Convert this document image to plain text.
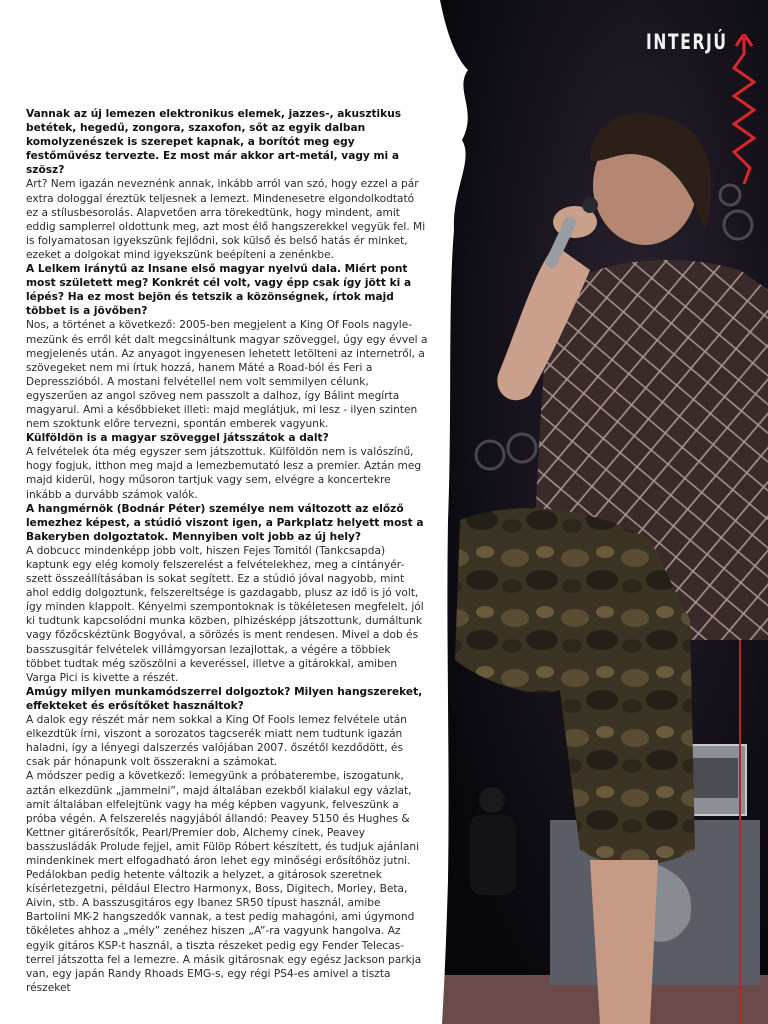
INTERJÚ

Vannak az új lemezen elektronikus elemek, jazzes-, akusztikus betétek, hegedű, zongora, szaxofon, sőt az egyik dalban komolyzenészek is szerepet kapnak, a borítót meg egy festőművész tervezte. Ez most már akkor art-metál, vagy mi a szösz?

Art? Nem igazán neveznénk annak, inkább arról van szó, hogy ezzel a pár extra dologgal éreztük teljesnek a lemezt. Mindenesetre elgondolkodtató ez a stílusbesorolás. Alapvetően arra törekedtünk, hogy mindent, amit eddig samplerrel oldottunk meg, azt most élő hangszerekkel vegyük fel. Mi is folyamatosan igyekszünk fejlődni, sok külső és belső hatás ér minket, ezeket a dolgokat mind igyekszünk beépíteni a zenénkbe.

A Lelkem iránytű az Insane első magyar nyelvű dala. Miért pont most született meg? Konkrét cél volt, vagy épp csak így jött ki a lépés? Ha ez most bejön és tetszik a közönségnek, írtok majd többet is a jövőben?

Nos, a történet a következő: 2005-ben megjelent a King Of Fools nagylemezünk és erről két dalt megcsináltunk magyar szöveggel, úgy egy évvel a megjelenés után. Az anyagot ingyenesen lehetett letölteni az internetről, a szövegeket nem mi írtuk hozzá, hanem Máté a Road-ból és Feri a Depresszióból. A mostani felvétellel nem volt semmilyen célunk, egyszerűen az angol szöveg nem passzolt a dalhoz, így Bálint megírta magyarul. Ami a későbbieket illeti: majd meglátjuk, mi lesz - ilyen szinten nem szoktunk előre tervezni, spontán emberek vagyunk.

Külföldön is a magyar szöveggel játsszátok a dalt?

A felvételek óta még egyszer sem játszottuk. Külföldön nem is valószínű, hogy fogjuk, itthon meg majd a lemezbemutató lesz a premier. Aztán meg majd kiderül, hogy műsoron tartjuk vagy sem, elvégre a koncertekre inkább a durvább számok valók.

A hangmérnök (Bodnár Péter) személye nem változott az előző lemezhez képest, a stúdió viszont igen, a Parkplatz helyett most a Bakeryben dolgoztatok. Mennyiben volt jobb az új hely?

A dobcucc mindenképp jobb volt, hiszen Fejes Tomitól (Tankcsapda) kaptunk egy elég komoly felszerelést a felvételekhez, meg a cintányér-szett összeállításában is sokat segített. Ez a stúdió jóval nagyobb, mint ahol eddig dolgoztunk, felszereltsége is gazdagabb, plusz az idő is jó volt, így minden klappolt. Kényelmi szempontoknak is tökéletesen megfelelt, jól ki tudtunk kapcsolódni munka közben, pihizésképp játszottunk, dumáltunk vagy főzőcskéztünk Bogyóval, a sörözés is ment rendesen. Mivel a dob és basszusgitár felvételek villámgyorsan lezajlottak, a végére a többiek többet tudtak még szöszölni a keveréssel, illetve a gitárokkal, amiben Varga Pici is kivette a részét.

Amúgy milyen munkamódszerrel dolgoztok? Milyen hangszereket, effekteket és erősítőket használtok?

A dalok egy részét már nem sokkal a King Of Fools lemez felvétele után elkezdtük írni, viszont a sorozatos tagcserék miatt nem tudtunk igazán haladni, így a lényegi dalszerzés valójában 2007. őszétől kezdődött, és csak pár hónapunk volt összerakni a számokat.

A módszer pedig a következő: lemegyünk a próbaterembe, iszogatunk, aztán elkezdünk „jammelni”, majd általában ezekből kialakul egy vázlat, amit általában elfelejtünk vagy ha még képben vagyunk, felveszünk a próba végén. A felszerelés nagyjából állandó: Peavey 5150 és Hughes & Kettner gitárerősítők, Pearl/Premier dob, Alchemy cinek, Peavey basszusládák Prolude fejjel, amit Fülöp Róbert készített, és tudjuk ajánlani mindenkinek mert elfogadható áron lehet egy minőségi erősítőhöz jutni. Pedálokban pedig hetente változik a helyzet, a gitárosok szeretnek kísérletezgetni, például Electro Harmonyx, Boss, Digitech, Morley, Beta, Aivin, stb. A basszusgitáros egy Ibanez SR50 típust használ, amibe Bartolini MK-2 hangszedők vannak, a test pedig mahagóni, ami úgymond tökéletes ahhoz a „mély” zenéhez hiszen „A”-ra vagyunk hangolva. Az egyik gitáros KSP-t használ, a tiszta részeket pedig egy Fender Telecasterrel játszotta fel a lemezre. A másik gitárosnak egy egész Jackson parkja van, egy japán Randy Rhoads EMG-s, egy régi PS4-es amivel a tiszta részeket
